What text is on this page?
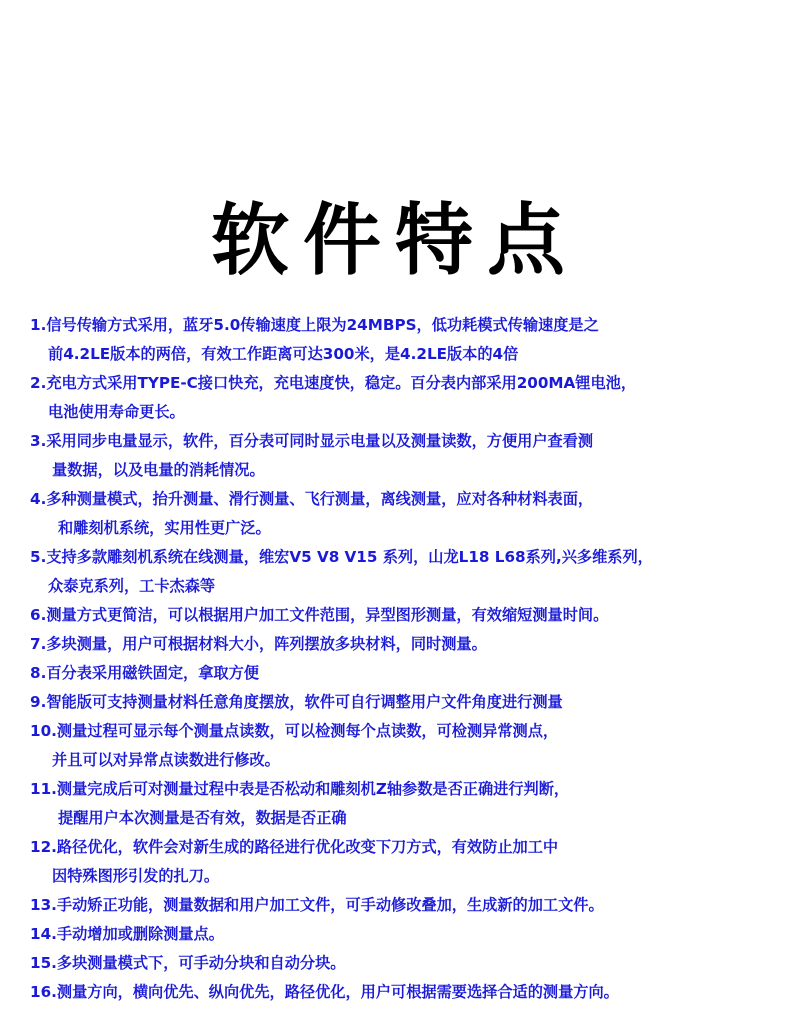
软件特点
1.信号传输方式采用，蓝牙5.0传输速度上限为24MBPS，低功耗模式传输速度是之
前4.2LE版本的两倍，有效工作距离可达300米，是4.2LE版本的4倍
2.充电方式采用TYPE-C接口快充，充电速度快，稳定。百分表内部采用200MA锂电池，
电池使用寿命更长。
3.采用同步电量显示，软件，百分表可同时显示电量以及测量读数，方便用户查看测
量数据，以及电量的消耗情况。
4.多种测量模式，抬升测量、滑行测量、飞行测量，离线测量，应对各种材料表面，
和雕刻机系统，实用性更广泛。
5.支持多款雕刻机系统在线测量，维宏V5 V8 V15 系列，山龙L18 L68系列,兴多维系列，
众泰克系列，工卡杰森等
6.测量方式更简洁，可以根据用户加工文件范围，异型图形测量，有效缩短测量时间。
7.多块测量，用户可根据材料大小，阵列摆放多块材料，同时测量。
8.百分表采用磁铁固定，拿取方便
9.智能版可支持测量材料任意角度摆放，软件可自行调整用户文件角度进行测量
10.测量过程可显示每个测量点读数，可以检测每个点读数，可检测异常测点，
并且可以对异常点读数进行修改。
11.测量完成后可对测量过程中表是否松动和雕刻机Z轴参数是否正确进行判断，
提醒用户本次测量是否有效，数据是否正确
12.路径优化，软件会对新生成的路径进行优化改变下刀方式，有效防止加工中
因特殊图形引发的扎刀。
13.手动矫正功能，测量数据和用户加工文件，可手动修改叠加，生成新的加工文件。
14.手动增加或删除测量点。
15.多块测量模式下，可手动分块和自动分块。
16.测量方向，横向优先、纵向优先，路径优化，用户可根据需要选择合适的测量方向。
